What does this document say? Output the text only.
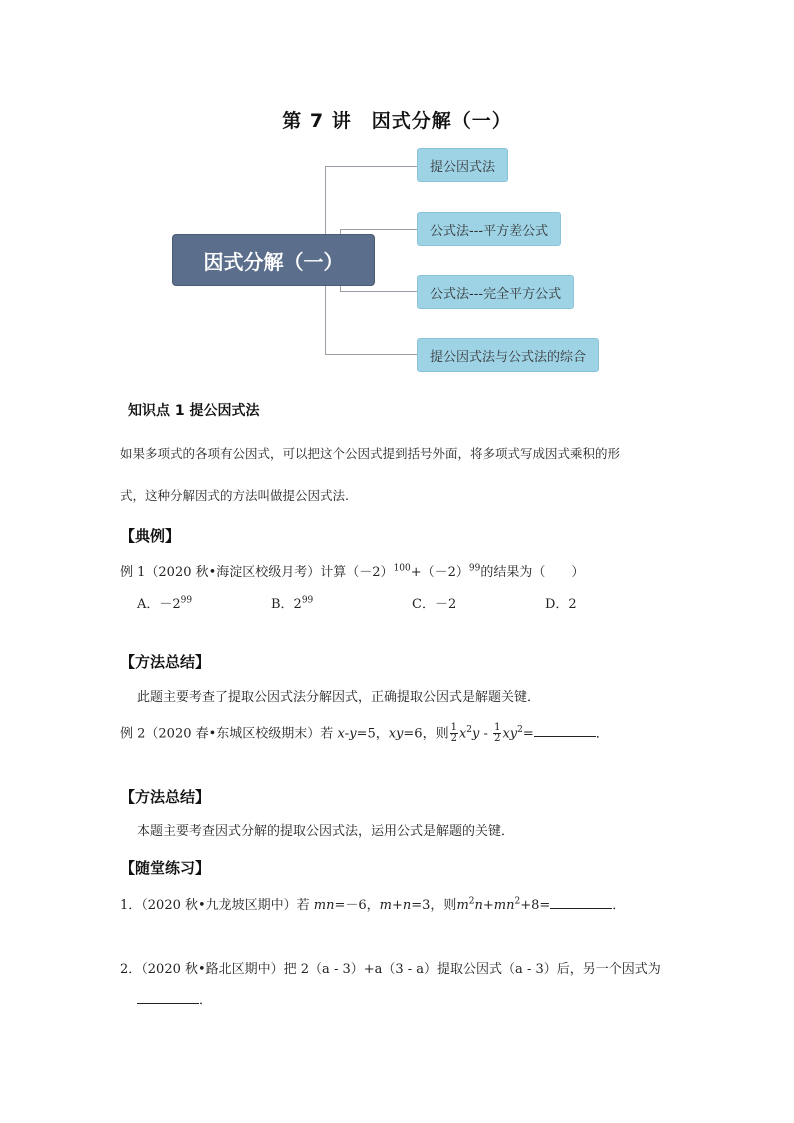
第 7 讲　因式分解（一）
因式分解（一）
提公因式法
公式法---平方差公式
公式法---完全平方公式
提公因式法与公式法的综合
知识点 1 提公因式法
如果多项式的各项有公因式，可以把这个公因式提到括号外面，将多项式写成因式乘积的形
式，这种分解因式的方法叫做提公因式法.
【典例】
例 1（2020 秋•海淀区校级月考）计算$(-2)^{100}+(-2)^{99}$的结果为（　　）
A．$-2^{99}$	B．$2^{99}$	C．－2	D．2
【方法总结】
此题主要考查了提取公因式法分解因式，正确提取公因式是解题关键．
例 2（2020 春•东城区校级期末）若 x-y=5，xy=6，则 $\frac{1}{2} x^2y - \frac{1}{2} xy^2=$	．
【方法总结】
本题主要考查因式分解的提取公因式法，运用公式是解题的关键．
【随堂练习】
1．（2020 秋•九龙坡区期中）若 mn=－6，m+n=3，则$m^2n+mn^2+8=$	．
2．（2020 秋•路北区期中）把 2（a - 3）+a（3 - a）提取公因式（a - 3）后，另一个因式为
．
